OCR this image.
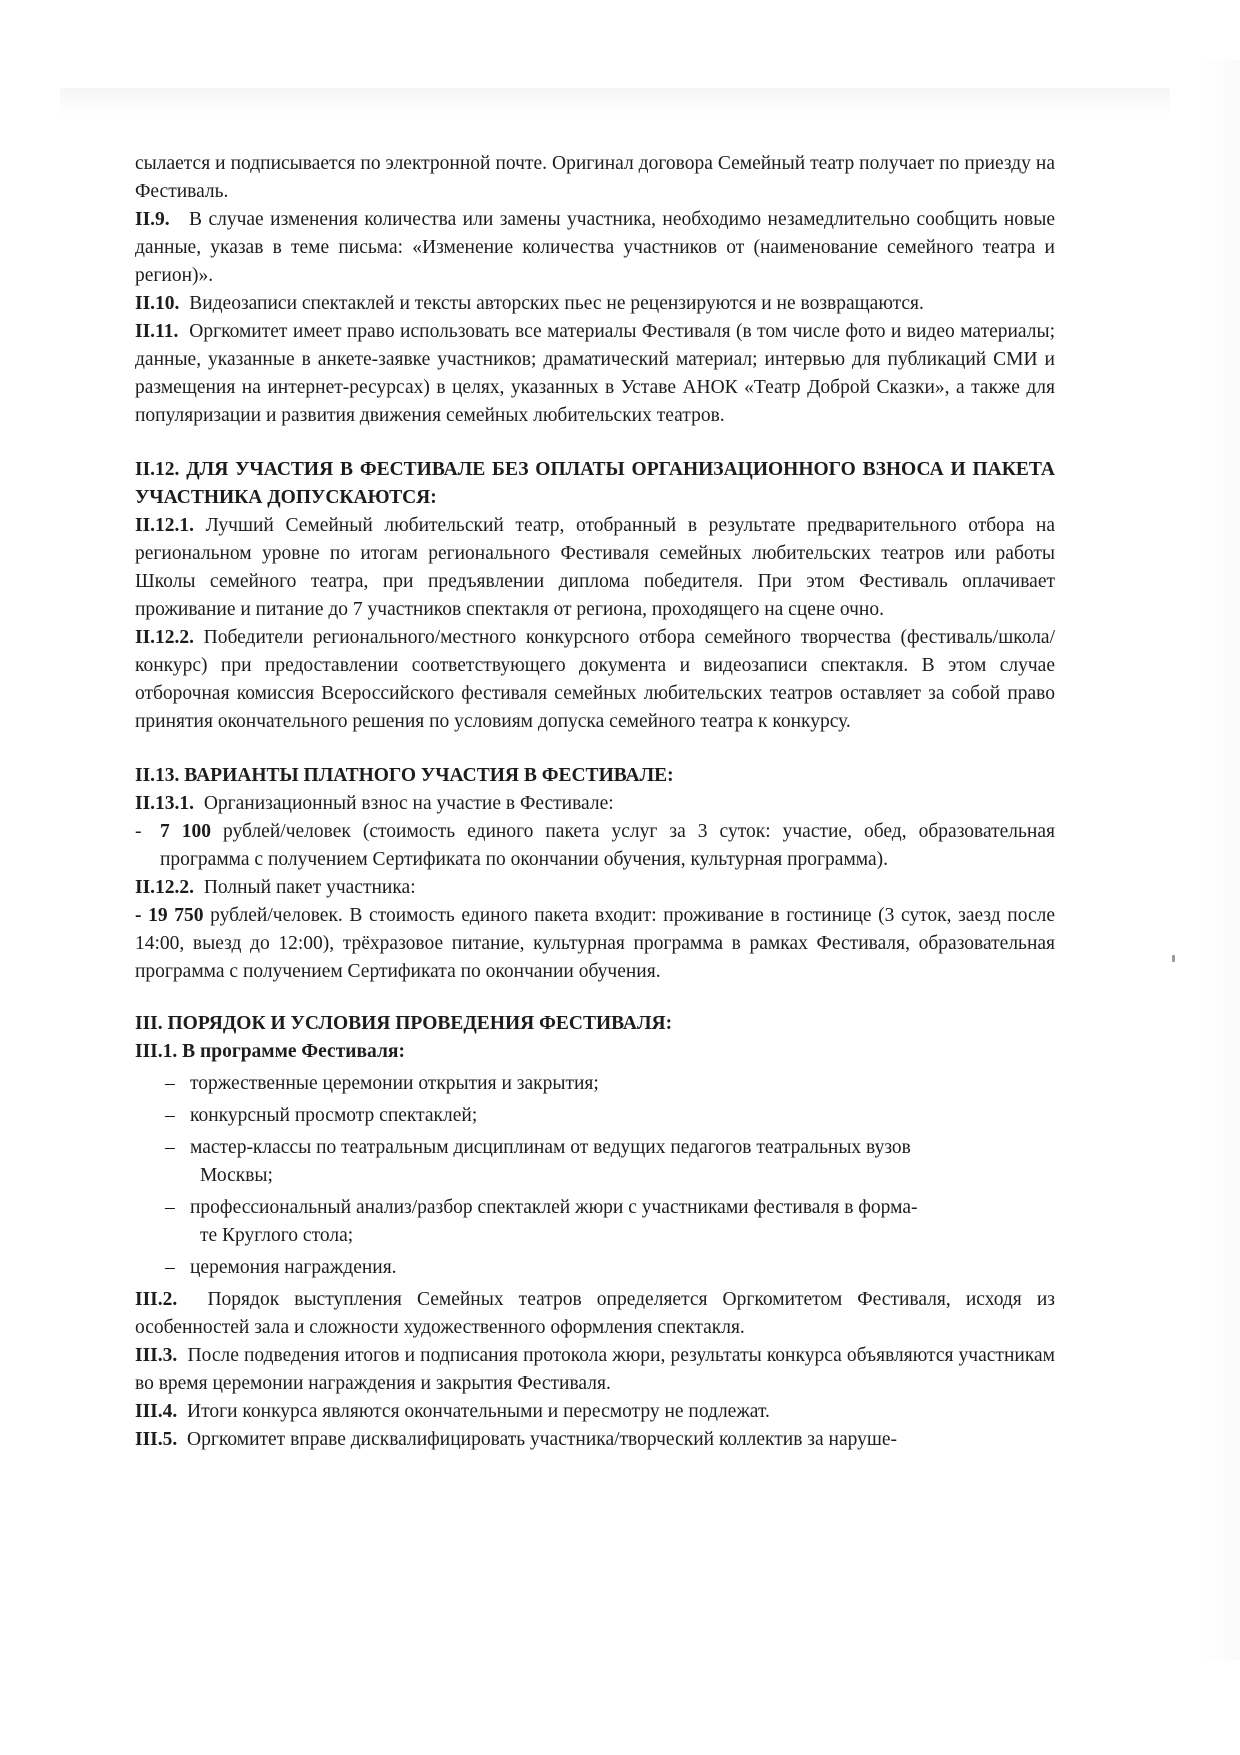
сылается и подписывается по электронной почте. Оригинал договора Семейный театр получает по приезду на Фестиваль.

II.9. В случае изменения количества или замены участника, необходимо незамедлительно сообщить новые данные, указав в теме письма: «Изменение количества участников от (наименование семейного театра и регион)».

II.10. Видеозаписи спектаклей и тексты авторских пьес не рецензируются и не возвращаются.

II.11. Оргкомитет имеет право использовать все материалы Фестиваля (в том числе фото и видео материалы; данные, указанные в анкете-заявке участников; драматический материал; интервью для публикаций СМИ и размещения на интернет-ресурсах) в целях, указанных в Уставе АНОК «Театр Доброй Сказки», а также для популяризации и развития движения семейных любительских театров.

II.12. ДЛЯ УЧАСТИЯ В ФЕСТИВАЛЕ БЕЗ ОПЛАТЫ ОРГАНИЗАЦИОННОГО ВЗНОСА И ПАКЕТА УЧАСТНИКА ДОПУСКАЮТСЯ:

II.12.1. Лучший Семейный любительский театр, отобранный в результате предварительного отбора на региональном уровне по итогам регионального Фестиваля семейных любительских театров или работы Школы семейного театра, при предъявлении диплома победителя. При этом Фестиваль оплачивает проживание и питание до 7 участников спектакля от региона, проходящего на сцене очно.

II.12.2. Победители регионального/местного конкурсного отбора семейного творчества (фестиваль/школа/конкурс) при предоставлении соответствующего документа и видеозаписи спектакля. В этом случае отборочная комиссия Всероссийского фестиваля семейных любительских театров оставляет за собой право принятия окончательного решения по условиям допуска семейного театра к конкурсу.

II.13. ВАРИАНТЫ ПЛАТНОГО УЧАСТИЯ В ФЕСТИВАЛЕ:

II.13.1. Организационный взнос на участие в Фестивале:

- 7 100 рублей/человек (стоимость единого пакета услуг за 3 суток: участие, обед, образовательная программа с получением Сертификата по окончании обучения, культурная программа).

II.12.2. Полный пакет участника:

- 19 750 рублей/человек. В стоимость единого пакета входит: проживание в гостинице (3 суток, заезд после 14:00, выезд до 12:00), трёхразовое питание, культурная программа в рамках Фестиваля, образовательная программа с получением Сертификата по окончании обучения.

III. ПОРЯДОК И УСЛОВИЯ ПРОВЕДЕНИЯ ФЕСТИВАЛЯ:

III.1. В программе Фестиваля:

– торжественные церемонии открытия и закрытия;
– конкурсный просмотр спектаклей;
– мастер-классы по театральным дисциплинам от ведущих педагогов театральных вузов
Москвы;
– профессиональный анализ/разбор спектаклей жюри с участниками фестиваля в форма-
те Круглого стола;
– церемония награждения.

III.2. Порядок выступления Семейных театров определяется Оргкомитетом Фестиваля, исходя из особенностей зала и сложности художественного оформления спектакля.

III.3. После подведения итогов и подписания протокола жюри, результаты конкурса объявляются участникам во время церемонии награждения и закрытия Фестиваля.

III.4. Итоги конкурса являются окончательными и пересмотру не подлежат.

III.5. Оргкомитет вправе дисквалифицировать участника/творческий коллектив за наруше-
